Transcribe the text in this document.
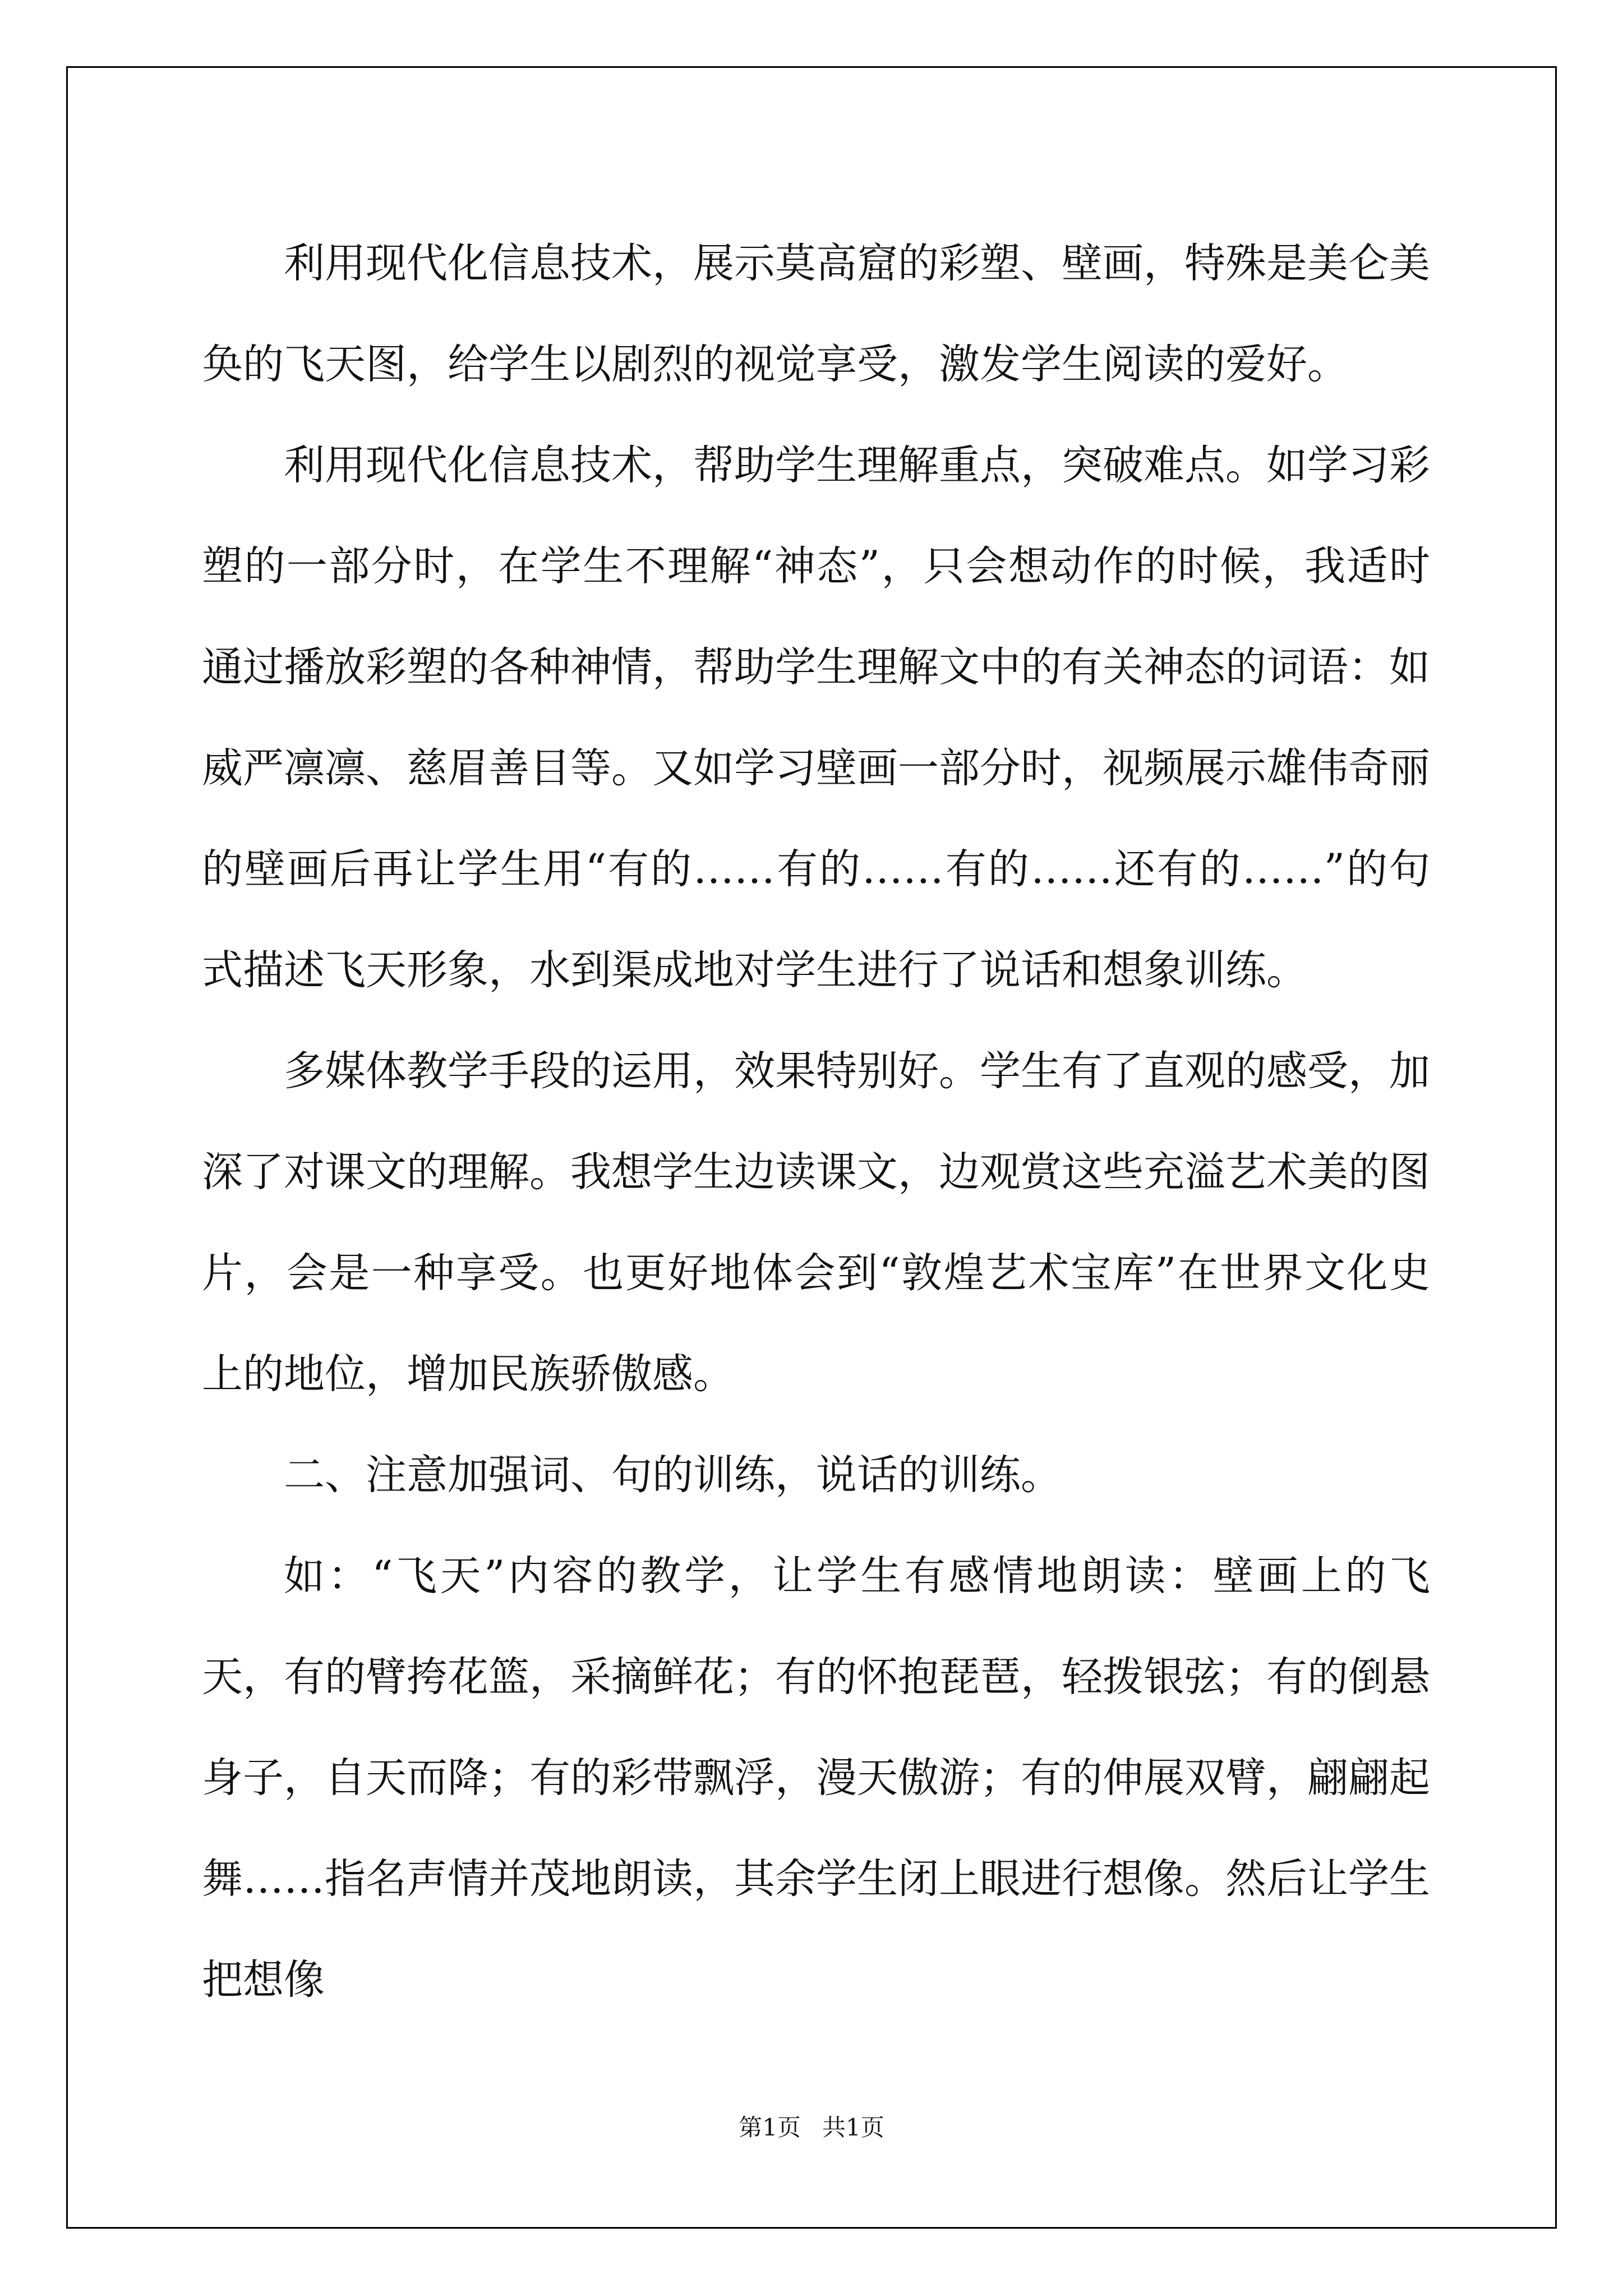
利用现代化信息技术，展示莫高窟的彩塑、壁画，特殊是美仑美奂的飞天图，给学生以剧烈的视觉享受，激发学生阅读的爱好。

利用现代化信息技术，帮助学生理解重点，突破难点。如学习彩塑的一部分时，在学生不理解“神态”，只会想动作的时候，我适时通过播放彩塑的各种神情，帮助学生理解文中的有关神态的词语：如威严凛凛、慈眉善目等。又如学习壁画一部分时，视频展示雄伟奇丽的壁画后再让学生用“有的……有的……有的……还有的……”的句式描述飞天形象，水到渠成地对学生进行了说话和想象训练。

多媒体教学手段的运用，效果特别好。学生有了直观的感受，加深了对课文的理解。我想学生边读课文，边观赏这些充溢艺术美的图片，会是一种享受。也更好地体会到“敦煌艺术宝库”在世界文化史上的地位，增加民族骄傲感。

二、注意加强词、句的训练，说话的训练。

如：“飞天”内容的教学，让学生有感情地朗读：壁画上的飞天，有的臂挎花篮，采摘鲜花；有的怀抱琵琶，轻拨银弦；有的倒悬身子，自天而降；有的彩带飘浮，漫天傲游；有的伸展双臂，翩翩起舞……指名声情并茂地朗读，其余学生闭上眼进行想像。然后让学生把想像

第1页 共1页
